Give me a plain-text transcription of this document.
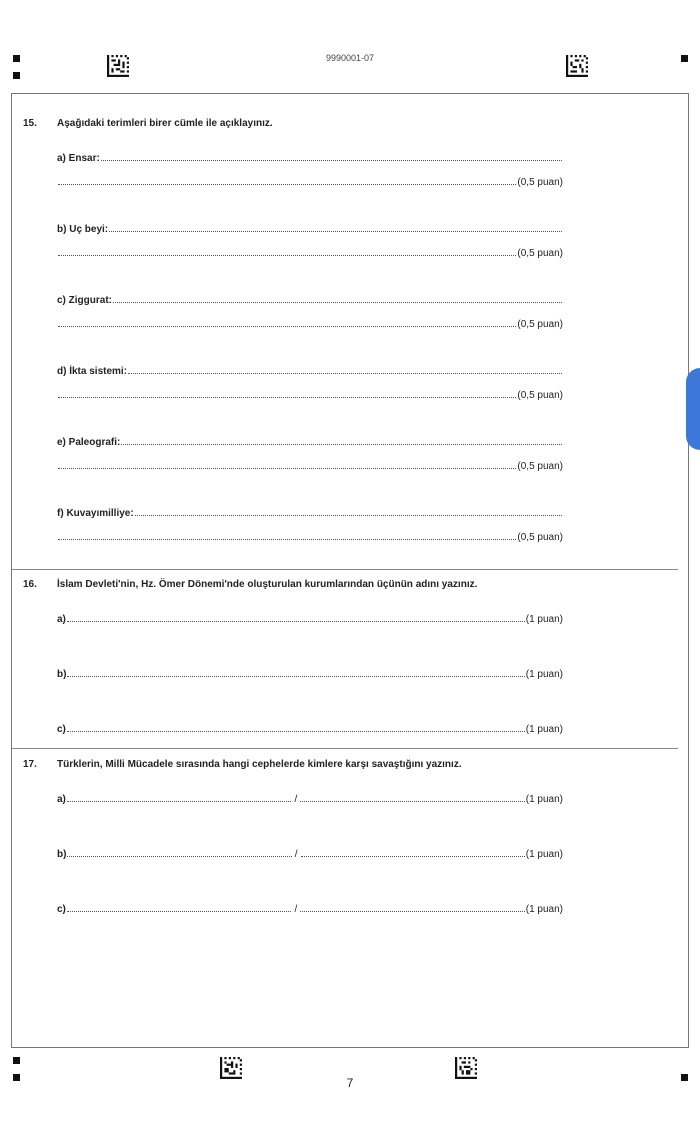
9990001-07
15. Aşağıdaki terimleri birer cümle ile açıklayınız.
a) Ensar:
(0,5 puan)
b) Uç beyi:
(0,5 puan)
c) Ziggurat:
(0,5 puan)
d) İkta sistemi:
(0,5 puan)
e) Paleografi:
(0,5 puan)
f) Kuvayımilliye:
(0,5 puan)
16. İslam Devleti'nin, Hz. Ömer Dönemi'nde oluşturulan kurumlarından üçünün adını yazınız.
a)	(1 puan)
b)	(1 puan)
c)	(1 puan)
17. Türklerin, Milli Mücadele sırasında hangi cephelerde kimlere karşı savaştığını yazınız.
a)	/	(1 puan)
b)	/	(1 puan)
c)	/	(1 puan)
7
